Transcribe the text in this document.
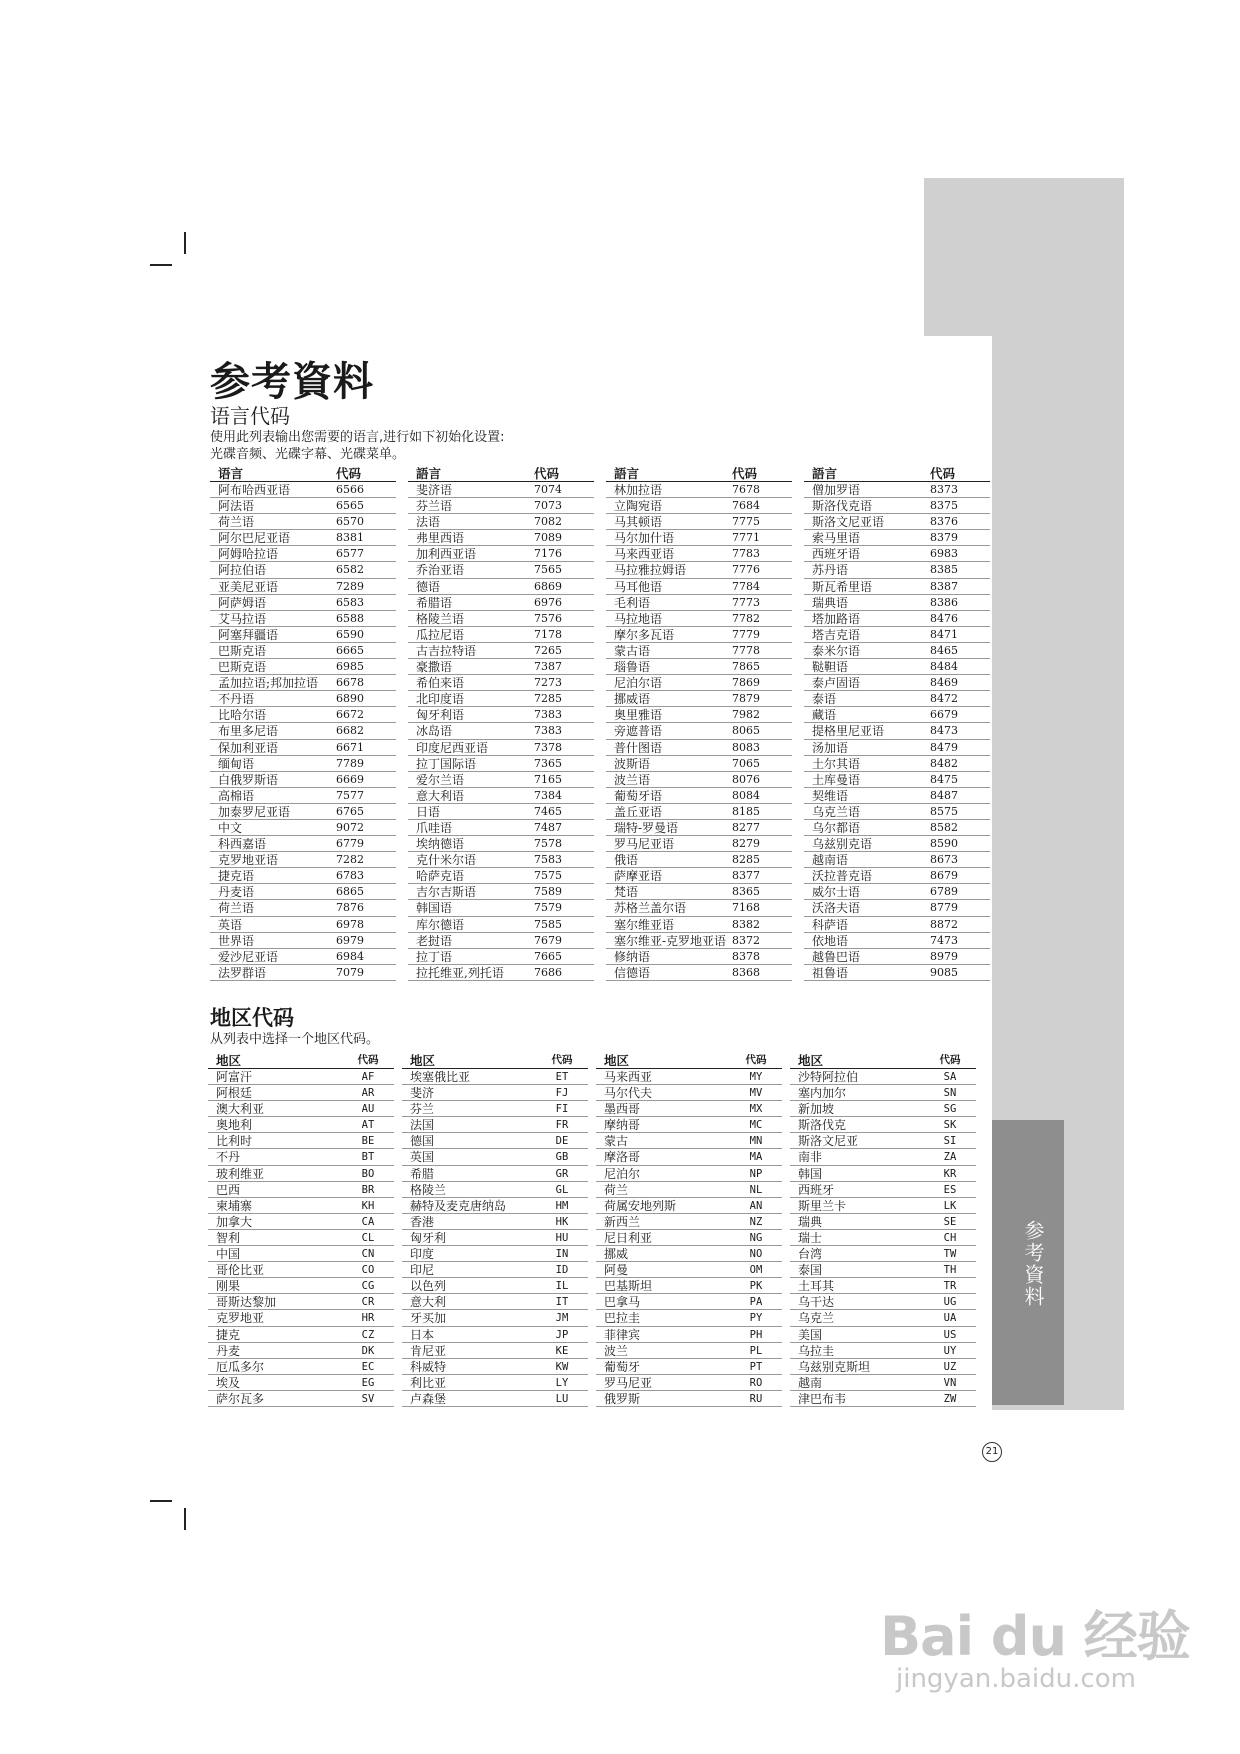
参考資料
参考資料
语言代码
使用此列表输出您需要的语言,进行如下初始化设置:
光碟音频、光碟字幕、光碟菜单。
语言	代码
阿布哈西亚语	6566
阿法语	6565
荷兰语	6570
阿尔巴尼亚语	8381
阿姆哈拉语	6577
阿拉伯语	6582
亚美尼亚语	7289
阿萨姆语	6583
艾马拉语	6588
阿塞拜疆语	6590
巴斯克语	6665
巴斯克语	6985
孟加拉语;邦加拉语	6678
不丹语	6890
比哈尔语	6672
布里多尼语	6682
保加利亚语	6671
缅甸语	7789
白俄罗斯语	6669
高棉语	7577
加泰罗尼亚语	6765
中文	9072
科西嘉语	6779
克罗地亚语	7282
捷克语	6783
丹麦语	6865
荷兰语	7876
英语	6978
世界语	6979
爱沙尼亚语	6984
法罗群语	7079
語言	代码
斐济语	7074
芬兰语	7073
法语	7082
弗里西语	7089
加利西亚语	7176
乔治亚语	7565
德语	6869
希腊语	6976
格陵兰语	7576
瓜拉尼语	7178
古吉拉特语	7265
豪撒语	7387
希伯来语	7273
北印度语	7285
匈牙利语	7383
冰岛语	7383
印度尼西亚语	7378
拉丁国际语	7365
爱尔兰语	7165
意大利语	7384
日语	7465
爪哇语	7487
埃纳德语	7578
克什米尔语	7583
哈萨克语	7575
吉尔吉斯语	7589
韩国语	7579
库尔德语	7585
老挝语	7679
拉丁语	7665
拉托维亚,列托语	7686
語言	代码
林加拉语	7678
立陶宛语	7684
马其顿语	7775
马尔加什语	7771
马来西亚语	7783
马拉雅拉姆语	7776
马耳他语	7784
毛利语	7773
马拉地语	7782
摩尔多瓦语	7779
蒙古语	7778
瑙鲁语	7865
尼泊尔语	7869
挪威语	7879
奥里雅语	7982
旁遮普语	8065
普什图语	8083
波斯语	7065
波兰语	8076
葡萄牙语	8084
盖丘亚语	8185
瑞特-罗曼语	8277
罗马尼亚语	8279
俄语	8285
萨摩亚语	8377
梵语	8365
苏格兰盖尔语	7168
塞尔维亚语	8382
塞尔维亚-克罗地亚语 8372
修纳语	8378
信德语	8368
語言	代码
僧加罗语	8373
斯洛伐克语	8375
斯洛文尼亚语	8376
索马里语	8379
西班牙语	6983
苏丹语	8385
斯瓦希里语	8387
瑞典语	8386
塔加路语	8476
塔吉克语	8471
泰米尔语	8465
鞑靼语	8484
泰卢固语	8469
泰语	8472
藏语	6679
提格里尼亚语	8473
汤加语	8479
土尔其语	8482
土库曼语	8475
契维语	8487
乌克兰语	8575
乌尔都语	8582
乌兹别克语	8590
越南语	8673
沃拉普克语	8679
威尔士语	6789
沃洛夫语	8779
科萨语	8872
依地语	7473
越鲁巴语	8979
祖鲁语	9085
地区代码
从列表中选择一个地区代码。
地区	代码
阿富汗	AF
阿根廷	AR
澳大利亚	AU
奥地利	AT
比利时	BE
不丹	BT
玻利维亚	BO
巴西	BR
柬埔寨	KH
加拿大	CA
智利	CL
中国	CN
哥伦比亚	CO
刚果	CG
哥斯达黎加	CR
克罗地亚	HR
捷克	CZ
丹麦	DK
厄瓜多尔	EC
埃及	EG
萨尔瓦多	SV
地区	代码
埃塞俄比亚	ET
斐济	FJ
芬兰	FI
法国	FR
德国	DE
英国	GB
希腊	GR
格陵兰	GL
赫特及麦克唐纳岛	HM
香港	HK
匈牙利	HU
印度	IN
印尼	ID
以色列	IL
意大利	IT
牙买加	JM
日本	JP
肯尼亚	KE
科威特	KW
利比亚	LY
卢森堡	LU
地区	代码
马来西亚	MY
马尔代夫	MV
墨西哥	MX
摩纳哥	MC
蒙古	MN
摩洛哥	MA
尼泊尔	NP
荷兰	NL
荷属安地列斯	AN
新西兰	NZ
尼日利亚	NG
挪威	NO
阿曼	OM
巴基斯坦	PK
巴拿马	PA
巴拉圭	PY
菲律宾	PH
波兰	PL
葡萄牙	PT
罗马尼亚	RO
俄罗斯	RU
地区	代码
沙特阿拉伯	SA
塞内加尔	SN
新加坡	SG
斯洛伐克	SK
斯洛文尼亚	SI
南非	ZA
韩国	KR
西班牙	ES
斯里兰卡	LK
瑞典	SE
瑞士	CH
台湾	TW
泰国	TH
土耳其	TR
乌干达	UG
乌克兰	UA
美国	US
乌拉圭	UY
乌兹别克斯坦	UZ
越南	VN
津巴布韦	ZW
21
Bai du 经验
jingyan.baidu.com
